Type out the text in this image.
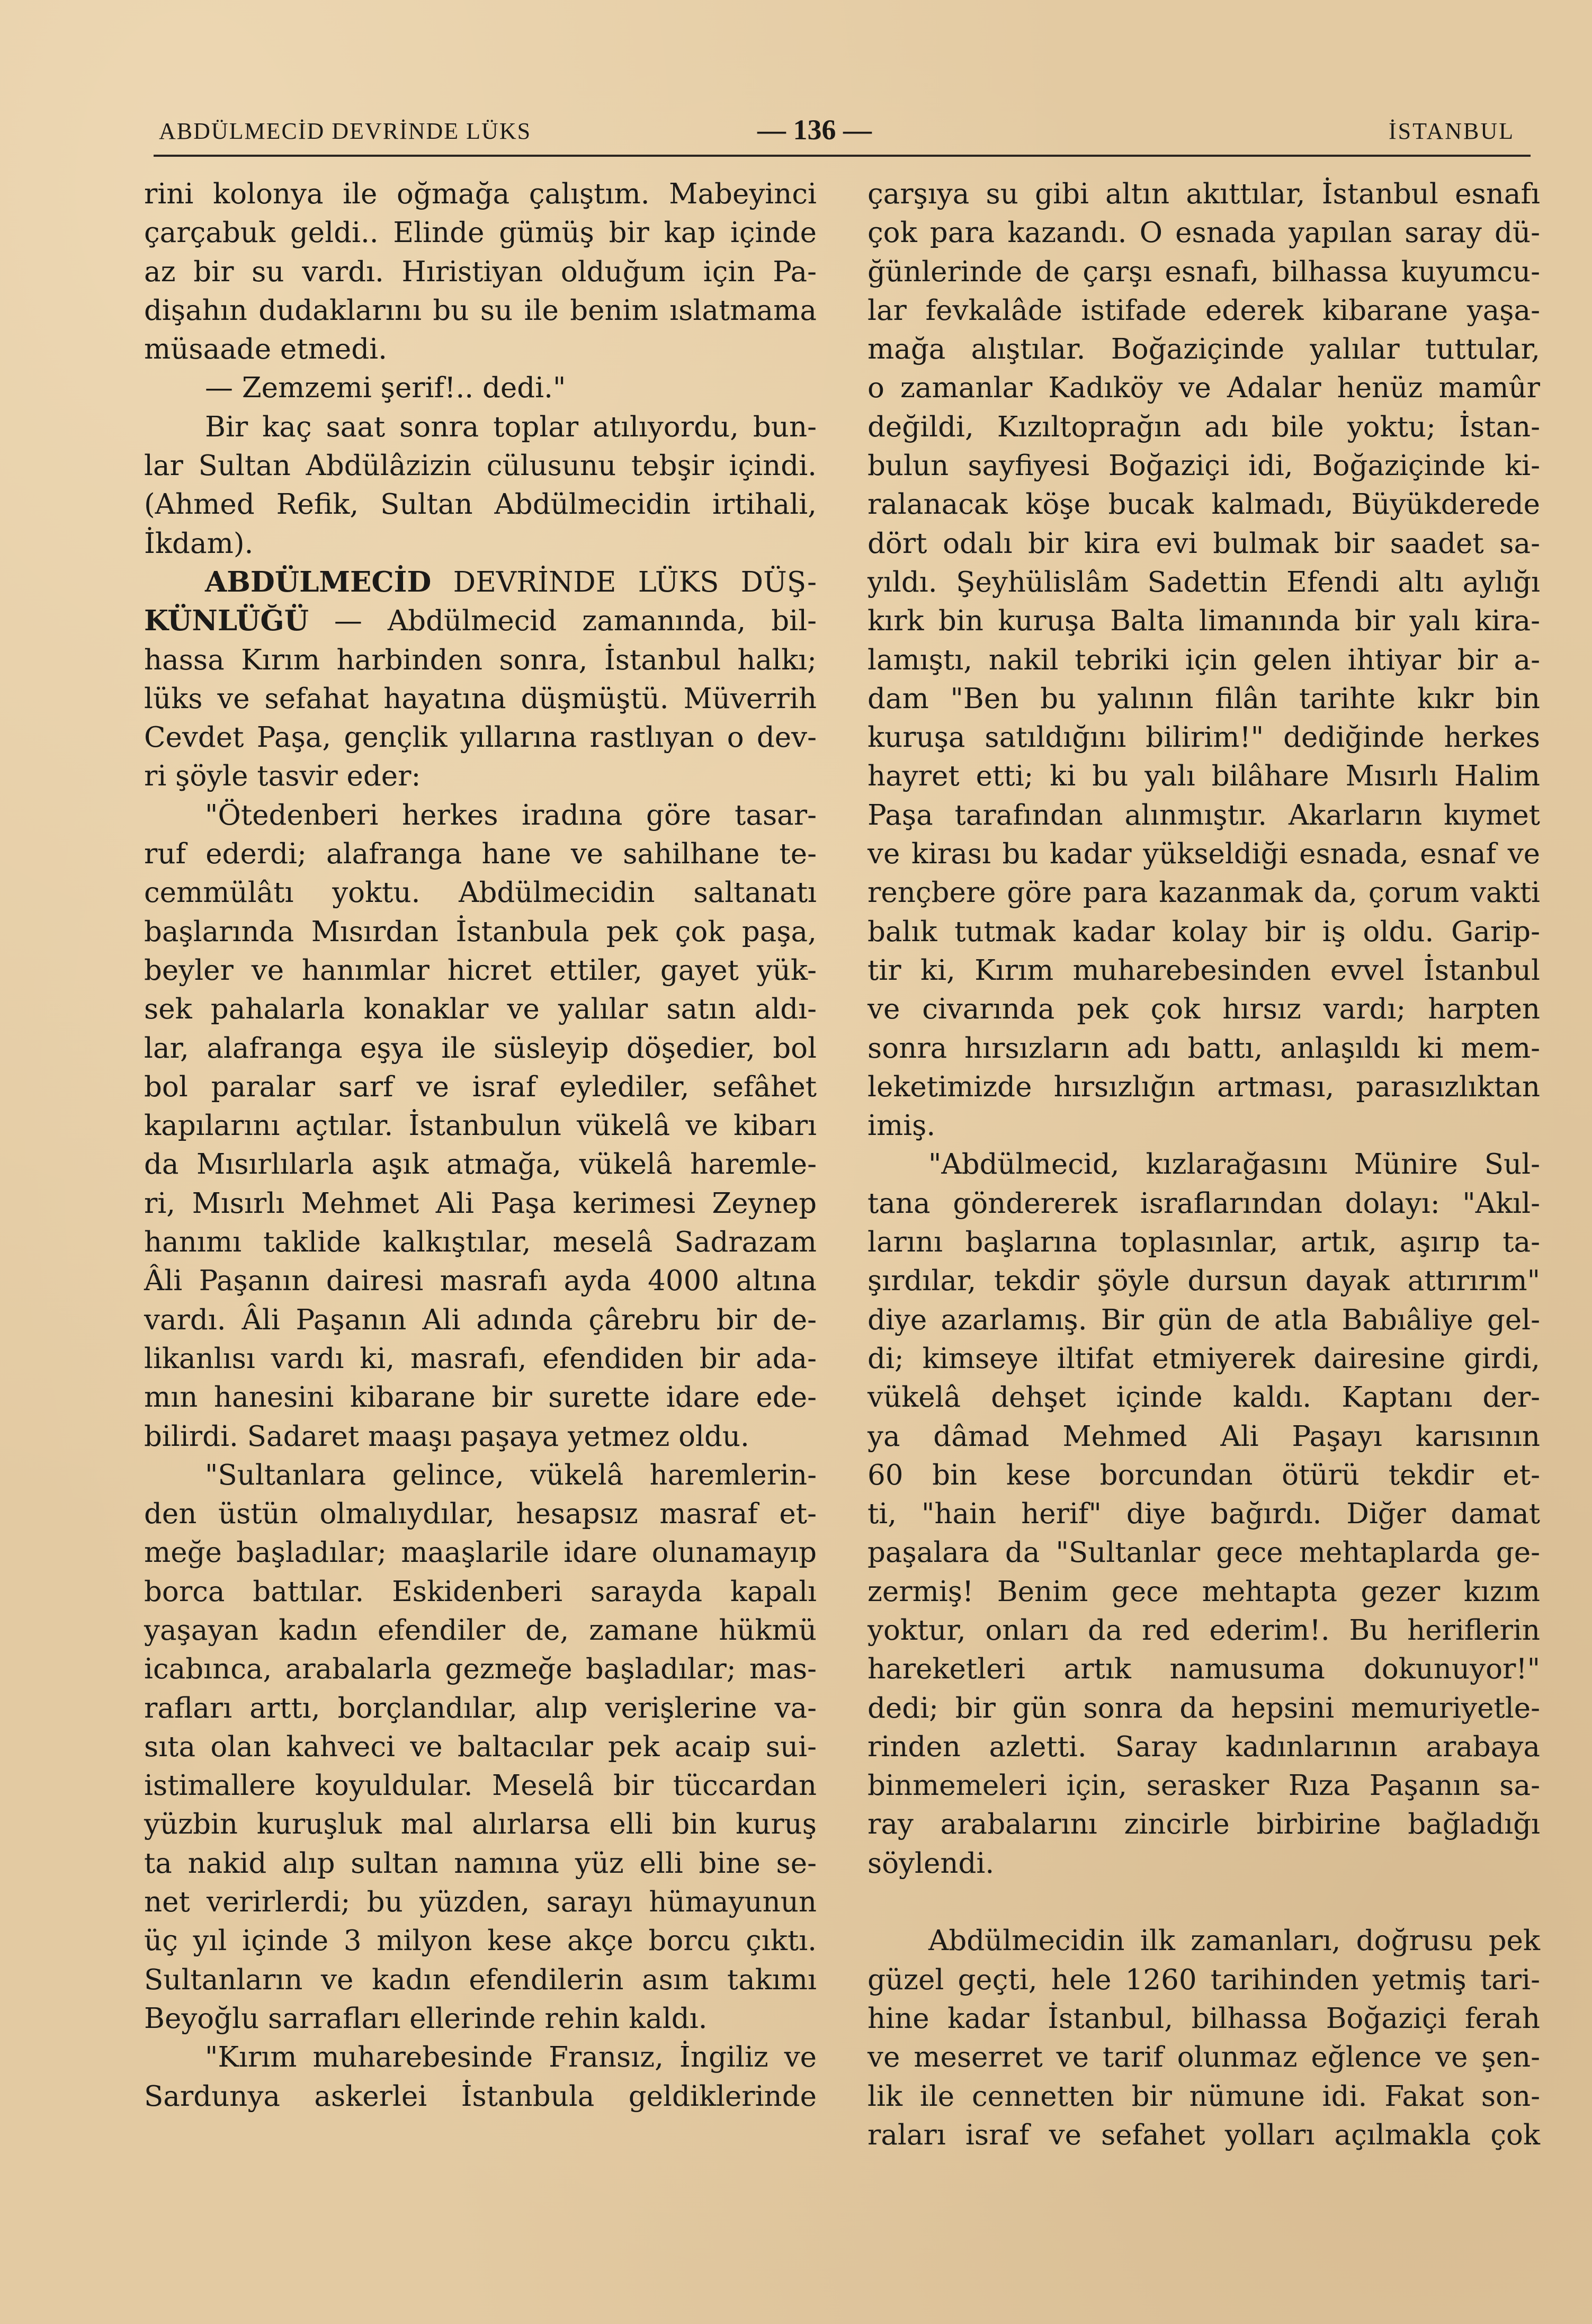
ABDÜLMECİD DEVRİNDE LÜKS	— 136 —	İSTANBUL
rini kolonya ile oğmağa çalıştım. Mabeyinci
çarçabuk geldi.. Elinde gümüş bir kap içinde
az bir su vardı. Hıristiyan olduğum için Pa-
dişahın dudaklarını bu su ile benim ıslatmama
müsaade etmedi.
— Zemzemi şerif!.. dedi."
Bir kaç saat sonra toplar atılıyordu, bun-
lar Sultan Abdülâzizin cülusunu tebşir içindi.
(Ahmed Refik, Sultan Abdülmecidin irtihali,
İkdam).
ABDÜLMECİD DEVRİNDE LÜKS DÜŞ-
KÜNLÜĞÜ — Abdülmecid zamanında, bil-
hassa Kırım harbinden sonra, İstanbul halkı;
lüks ve sefahat hayatına düşmüştü. Müverrih
Cevdet Paşa, gençlik yıllarına rastlıyan o dev-
ri şöyle tasvir eder:
"Ötedenberi herkes iradına göre tasar-
ruf ederdi; alafranga hane ve sahilhane te-
cemmülâtı yoktu. Abdülmecidin saltanatı
başlarında Mısırdan İstanbula pek çok paşa,
beyler ve hanımlar hicret ettiler, gayet yük-
sek pahalarla konaklar ve yalılar satın aldı-
lar, alafranga eşya ile süsleyip döşedier, bol
bol paralar sarf ve israf eylediler, sefâhet
kapılarını açtılar. İstanbulun vükelâ ve kibarı
da Mısırlılarla aşık atmağa, vükelâ haremle-
ri, Mısırlı Mehmet Ali Paşa kerimesi Zeynep
hanımı taklide kalkıştılar, meselâ Sadrazam
Âli Paşanın dairesi masrafı ayda 4000 altına
vardı. Âli Paşanın Ali adında çârebru bir de-
likanlısı vardı ki, masrafı, efendiden bir ada-
mın hanesini kibarane bir surette idare ede-
bilirdi. Sadaret maaşı paşaya yetmez oldu.
"Sultanlara gelince, vükelâ haremlerin-
den üstün olmalıydılar, hesapsız masraf et-
meğe başladılar; maaşlarile idare olunamayıp
borca battılar. Eskidenberi sarayda kapalı
yaşayan kadın efendiler de, zamane hükmü
icabınca, arabalarla gezmeğe başladılar; mas-
rafları arttı, borçlandılar, alıp verişlerine va-
sıta olan kahveci ve baltacılar pek acaip sui-
istimallere koyuldular. Meselâ bir tüccardan
yüzbin kuruşluk mal alırlarsa elli bin kuruş
ta nakid alıp sultan namına yüz elli bine se-
net verirlerdi; bu yüzden, sarayı hümayunun
üç yıl içinde 3 milyon kese akçe borcu çıktı.
Sultanların ve kadın efendilerin asım takımı
Beyoğlu sarrafları ellerinde rehin kaldı.
"Kırım muharebesinde Fransız, İngiliz ve
Sardunya askerlei İstanbula geldiklerinde
çarşıya su gibi altın akıttılar, İstanbul esnafı
çok para kazandı. O esnada yapılan saray dü-
ğünlerinde de çarşı esnafı, bilhassa kuyumcu-
lar fevkalâde istifade ederek kibarane yaşa-
mağa alıştılar. Boğaziçinde yalılar tuttular,
o zamanlar Kadıköy ve Adalar henüz mamûr
değildi, Kızıltoprağın adı bile yoktu; İstan-
bulun sayfiyesi Boğaziçi idi, Boğaziçinde ki-
ralanacak köşe bucak kalmadı, Büyükderede
dört odalı bir kira evi bulmak bir saadet sa-
yıldı. Şeyhülislâm Sadettin Efendi altı aylığı
kırk bin kuruşa Balta limanında bir yalı kira-
lamıştı, nakil tebriki için gelen ihtiyar bir a-
dam "Ben bu yalının filân tarihte kıkr bin
kuruşa satıldığını bilirim!" dediğinde herkes
hayret etti; ki bu yalı bilâhare Mısırlı Halim
Paşa tarafından alınmıştır. Akarların kıymet
ve kirası bu kadar yükseldiği esnada, esnaf ve
rençbere göre para kazanmak da, çorum vakti
balık tutmak kadar kolay bir iş oldu. Garip-
tir ki, Kırım muharebesinden evvel İstanbul
ve civarında pek çok hırsız vardı; harpten
sonra hırsızların adı battı, anlaşıldı ki mem-
leketimizde hırsızlığın artması, parasızlıktan
imiş.
"Abdülmecid, kızlarağasını Münire Sul-
tana göndererek israflarından dolayı: "Akıl-
larını başlarına toplasınlar, artık, aşırıp ta-
şırdılar, tekdir şöyle dursun dayak attırırım"
diye azarlamış. Bir gün de atla Babıâliye gel-
di; kimseye iltifat etmiyerek dairesine girdi,
vükelâ dehşet içinde kaldı. Kaptanı der-
ya dâmad Mehmed Ali Paşayı karısının
60 bin kese borcundan ötürü tekdir et-
ti, "hain herif" diye bağırdı. Diğer damat
paşalara da "Sultanlar gece mehtaplarda ge-
zermiş! Benim gece mehtapta gezer kızım
yoktur, onları da red ederim!. Bu heriflerin
hareketleri artık namusuma dokunuyor!"
dedi; bir gün sonra da hepsini memuriyetle-
rinden azletti. Saray kadınlarının arabaya
binmemeleri için, serasker Rıza Paşanın sa-
ray arabalarını zincirle birbirine bağladığı
söylendi.
Abdülmecidin ilk zamanları, doğrusu pek
güzel geçti, hele 1260 tarihinden yetmiş tari-
hine kadar İstanbul, bilhassa Boğaziçi ferah
ve meserret ve tarif olunmaz eğlence ve şen-
lik ile cennetten bir nümune idi. Fakat son-
raları israf ve sefahet yolları açılmakla çok
